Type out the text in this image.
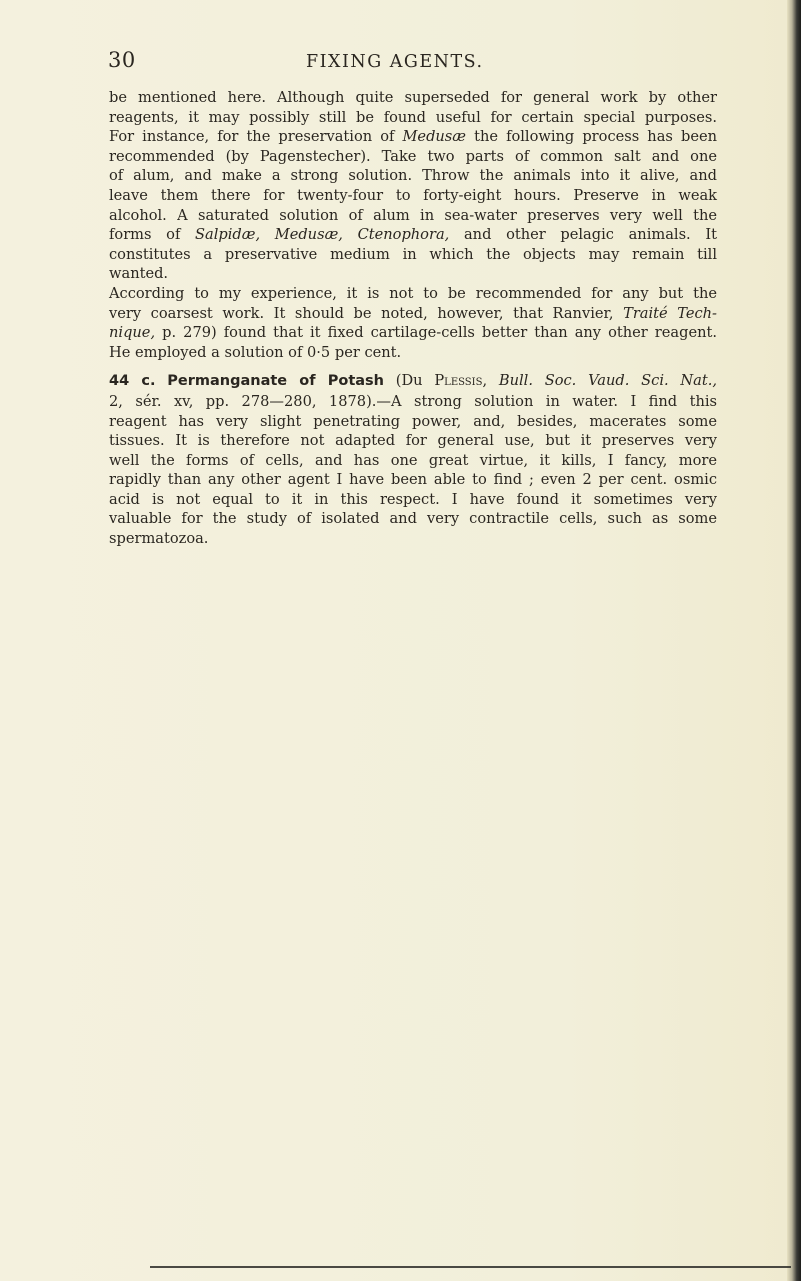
30	FIXING AGENTS.
be mentioned here. Although quite superseded for general work by other
reagents, it may possibly still be found useful for certain special purposes.
For instance, for the preservation of Medusæ the following process has been
recommended (by Pagenstecher). Take two parts of common salt and one
of alum, and make a strong solution. Throw the animals into it alive, and
leave them there for twenty-four to forty-eight hours. Preserve in weak
alcohol. A saturated solution of alum in sea-water preserves very well the
forms of Salpidæ, Medusæ, Ctenophora, and other pelagic animals. It
constitutes a preservative medium in which the objects may remain till
wanted.
According to my experience, it is not to be recommended for any but the
very coarsest work. It should be noted, however, that Ranvier, Traité Tech-
nique, p. 279) found that it fixed cartilage-cells better than any other reagent.
He employed a solution of 0·5 per cent.
44 c. Permanganate of Potash (Du Plessis, Bull. Soc. Vaud. Sci. Nat.,
2, sér. xv, pp. 278—280, 1878).—A strong solution in water. I find this
reagent has very slight penetrating power, and, besides, macerates some
tissues. It is therefore not adapted for general use, but it preserves very
well the forms of cells, and has one great virtue, it kills, I fancy, more
rapidly than any other agent I have been able to find ; even 2 per cent. osmic
acid is not equal to it in this respect. I have found it sometimes very
valuable for the study of isolated and very contractile cells, such as some
spermatozoa.
